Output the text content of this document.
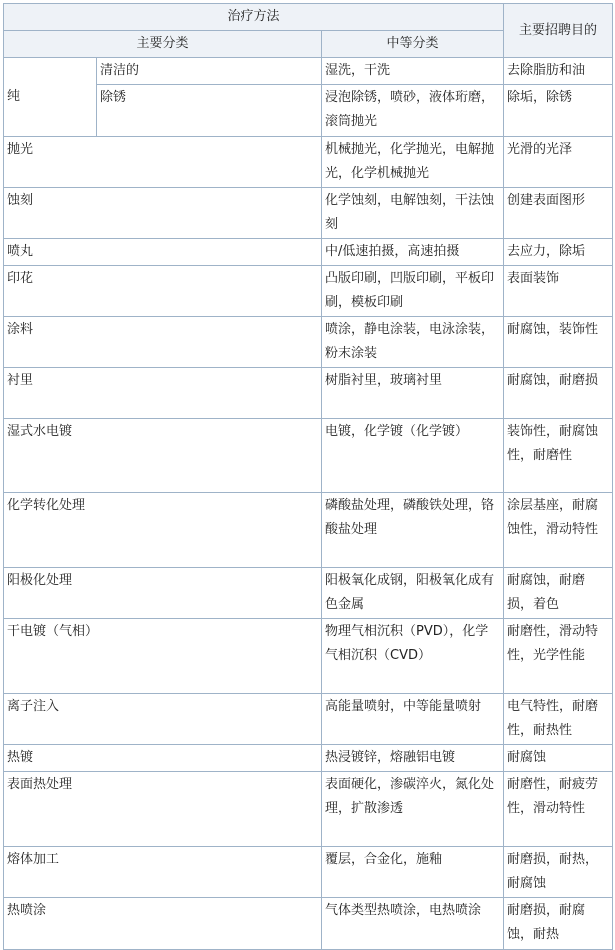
治疗方法			主要招聘目的
主要分类		中等分类	
纯	清洁的	湿洗，干洗	去除脂肪和油
	除锈	浸泡除锈，喷砂，液体珩磨，滚筒抛光	除垢，除锈
抛光		机械抛光，化学抛光，电解抛光，化学机械抛光	光滑的光泽
蚀刻		化学蚀刻，电解蚀刻，干法蚀刻	创建表面图形
喷丸		中/低速拍摄，高速拍摄	去应力，除垢
印花		凸版印刷，凹版印刷，平板印刷，模板印刷	表面装饰
涂料		喷涂，静电涂装，电泳涂装，粉末涂装	耐腐蚀，装饰性
衬里		树脂衬里，玻璃衬里	耐腐蚀，耐磨损
湿式水电镀		电镀，化学镀（化学镀）	装饰性，耐腐蚀性，耐磨性
化学转化处理		磷酸盐处理，磷酸铁处理，铬酸盐处理	涂层基座，耐腐蚀性，滑动特性
阳极化处理		阳极氧化成钢，阳极氧化成有色金属	耐腐蚀，耐磨损，着色
干电镀（气相）		物理气相沉积（PVD），化学气相沉积（CVD）	耐磨性，滑动特性，光学性能
离子注入		高能量喷射，中等能量喷射	电气特性，耐磨性，耐热性
热镀		热浸镀锌，熔融铝电镀	耐腐蚀
表面热处理		表面硬化，渗碳淬火，氮化处理，扩散渗透	耐磨性，耐疲劳性，滑动特性
熔体加工		覆层，合金化，施釉	耐磨损，耐热，耐腐蚀
热喷涂		气体类型热喷涂，电热喷涂	耐磨损，耐腐蚀，耐热
